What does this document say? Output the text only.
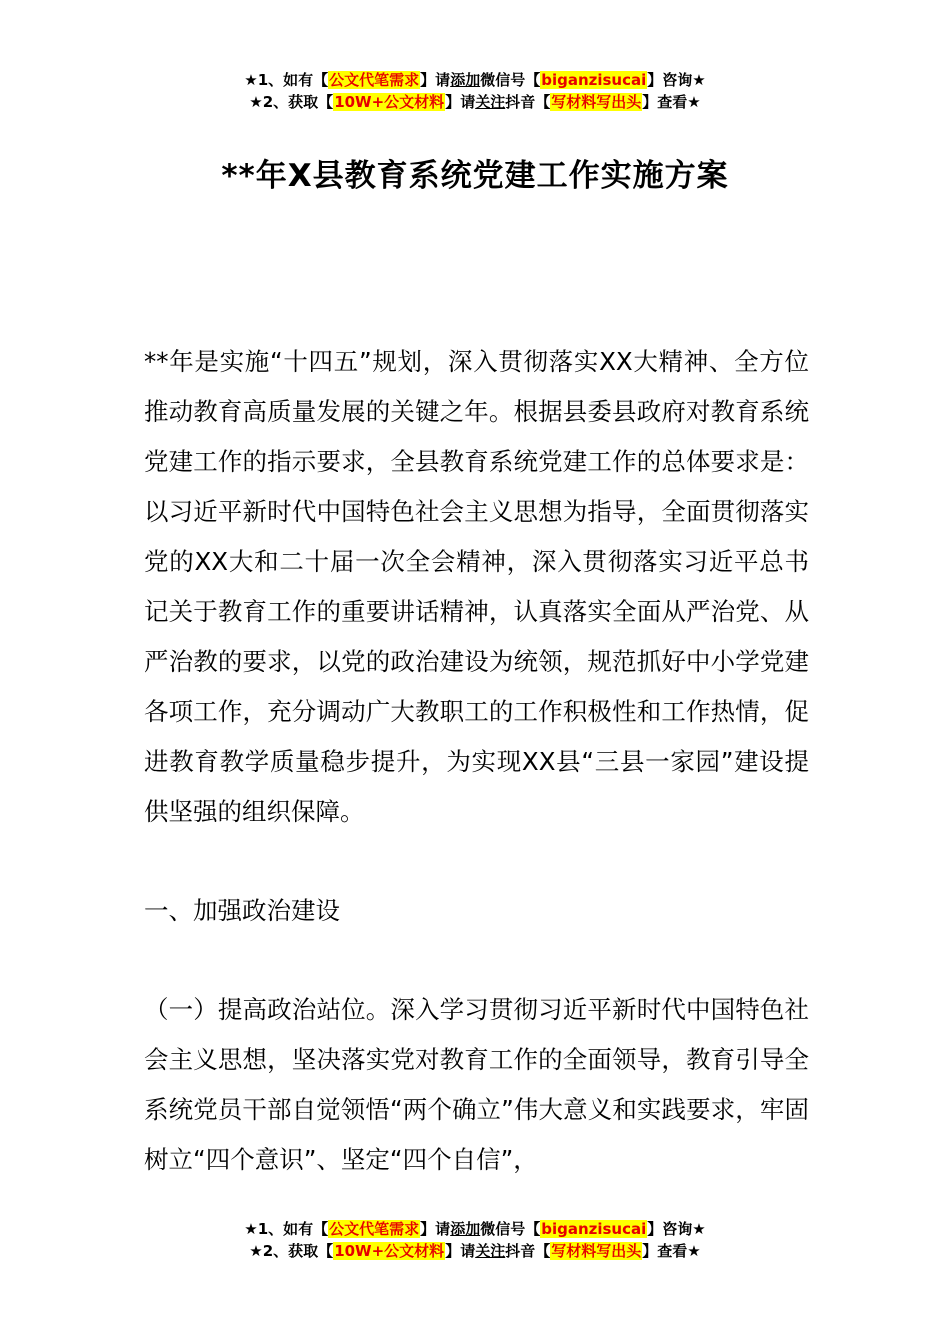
★1、如有【公文代笔需求】请添加微信号【biganzisucai】咨询★
★2、获取【10W+公文材料】请关注抖音【写材料写出头】查看★
**年X县教育系统党建工作实施方案

**年是实施“十四五”规划，深入贯彻落实XX大精神、全方位推动教育高质量发展的关键之年。根据县委县政府对教育系统党建工作的指示要求，全县教育系统党建工作的总体要求是：以习近平新时代中国特色社会主义思想为指导，全面贯彻落实党的XX大和二十届一次全会精神，深入贯彻落实习近平总书记关于教育工作的重要讲话精神，认真落实全面从严治党、从严治教的要求，以党的政治建设为统领，规范抓好中小学党建各项工作，充分调动广大教职工的工作积极性和工作热情，促进教育教学质量稳步提升，为实现XX县“三县一家园”建设提供坚强的组织保障。

一、加强政治建设

（一）提高政治站位。深入学习贯彻习近平新时代中国特色社会主义思想，坚决落实党对教育工作的全面领导，教育引导全系统党员干部自觉领悟“两个确立”伟大意义和实践要求，牢固树立“四个意识”、坚定“四个自信”，

★1、如有【公文代笔需求】请添加微信号【biganzisucai】咨询★
★2、获取【10W+公文材料】请关注抖音【写材料写出头】查看★
